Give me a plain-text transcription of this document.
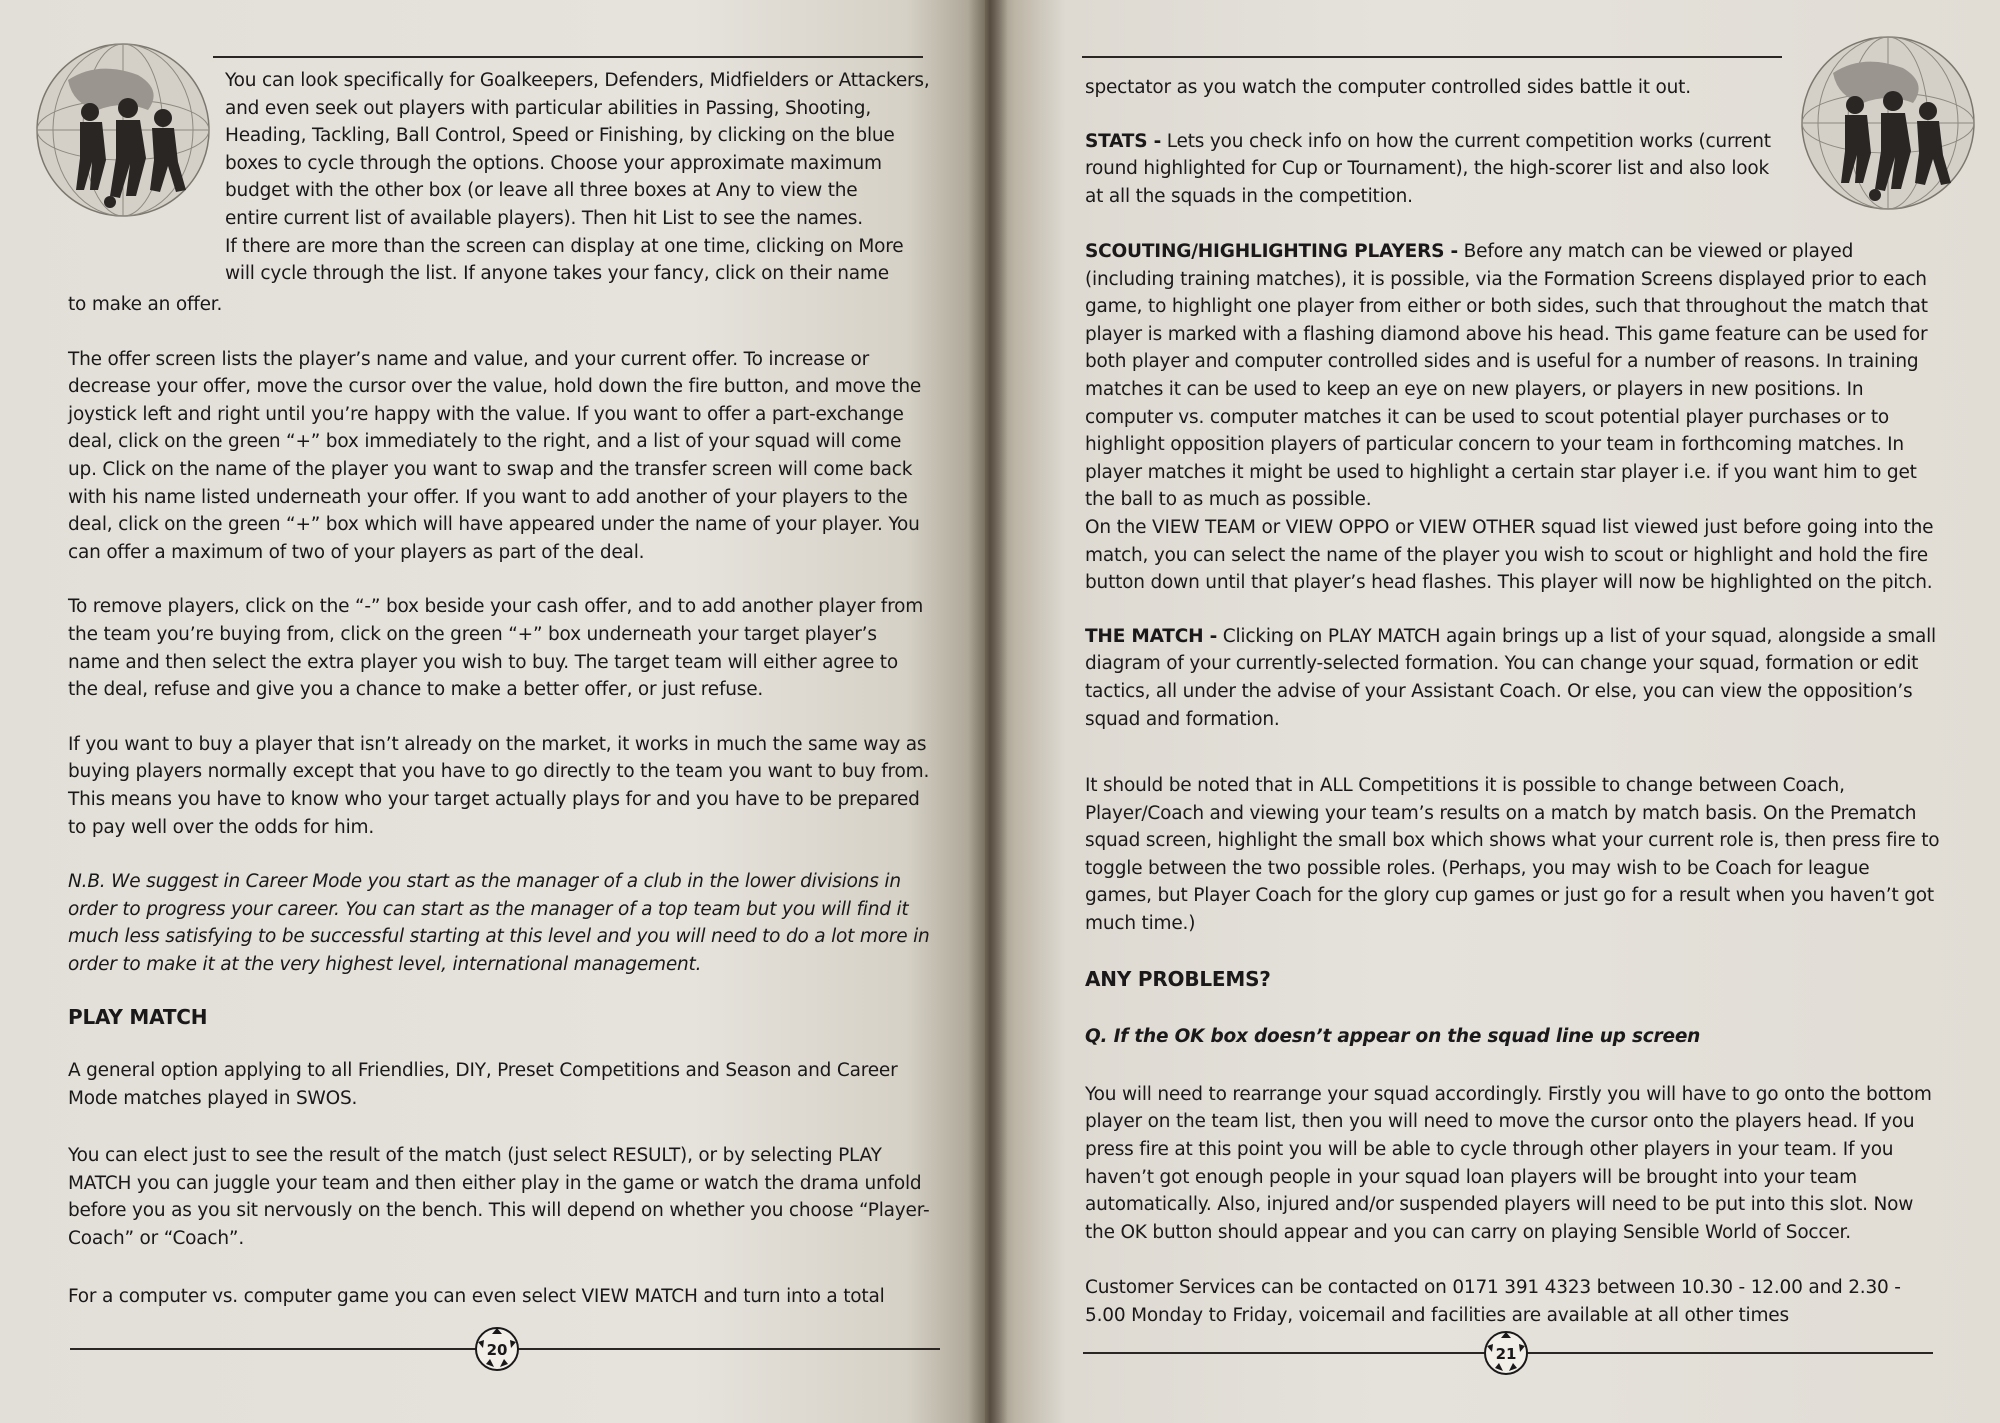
You can look specifically for Goalkeepers, Defenders, Midfielders or Attackers,

and even seek out players with particular abilities in Passing, Shooting,

Heading, Tackling, Ball Control, Speed or Finishing, by clicking on the blue

boxes to cycle through the options. Choose your approximate maximum

budget with the other box (or leave all three boxes at Any to view the

entire current list of available players). Then hit List to see the names.

If there are more than the screen can display at one time, clicking on More

will cycle through the list. If anyone takes your fancy, click on their name

to make an offer.

The offer screen lists the player’s name and value, and your current offer. To increase or decrease your offer, move the cursor over the value, hold down the fire button, and move the joystick left and right until you’re happy with the value. If you want to offer a part-exchange deal, click on the green “+” box immediately to the right, and a list of your squad will come up. Click on the name of the player you want to swap and the transfer screen will come back with his name listed underneath your offer. If you want to add another of your players to the deal, click on the green “+” box which will have appeared under the name of your player. You can offer a maximum of two of your players as part of the deal.

To remove players, click on the “-” box beside your cash offer, and to add another player from the team you’re buying from, click on the green “+” box underneath your target player’s name and then select the extra player you wish to buy. The target team will either agree to the deal, refuse and give you a chance to make a better offer, or just refuse.

If you want to buy a player that isn’t already on the market, it works in much the same way as buying players normally except that you have to go directly to the team you want to buy from. This means you have to know who your target actually plays for and you have to be prepared to pay well over the odds for him.

N.B. We suggest in Career Mode you start as the manager of a club in the lower divisions in order to progress your career. You can start as the manager of a top team but you will find it much less satisfying to be successful starting at this level and you will need to do a lot more in order to make it at the very highest level, international management.

PLAY MATCH

A general option applying to all Friendlies, DIY, Preset Competitions and Season and Career Mode matches played in SWOS.

You can elect just to see the result of the match (just select RESULT), or by selecting PLAY MATCH you can juggle your team and then either play in the game or watch the drama unfold before you as you sit nervously on the bench. This will depend on whether you choose “Player-Coach” or “Coach”.

For a computer vs. computer game you can even select VIEW MATCH and turn into a total

20

spectator as you watch the computer controlled sides battle it out.

STATS - Lets you check info on how the current competition works (current round highlighted for Cup or Tournament), the high-scorer list and also look at all the squads in the competition.

SCOUTING/HIGHLIGHTING PLAYERS - Before any match can be viewed or played (including training matches), it is possible, via the Formation Screens displayed prior to each game, to highlight one player from either or both sides, such that throughout the match that player is marked with a flashing diamond above his head. This game feature can be used for both player and computer controlled sides and is useful for a number of reasons. In training matches it can be used to keep an eye on new players, or players in new positions. In computer vs. computer matches it can be used to scout potential player purchases or to highlight opposition players of particular concern to your team in forthcoming matches. In player matches it might be used to highlight a certain star player i.e. if you want him to get the ball to as much as possible.

On the VIEW TEAM or VIEW OPPO or VIEW OTHER squad list viewed just before going into the match, you can select the name of the player you wish to scout or highlight and hold the fire button down until that player’s head flashes. This player will now be highlighted on the pitch.

THE MATCH - Clicking on PLAY MATCH again brings up a list of your squad, alongside a small diagram of your currently-selected formation. You can change your squad, formation or edit tactics, all under the advise of your Assistant Coach. Or else, you can view the opposition’s squad and formation.

It should be noted that in ALL Competitions it is possible to change between Coach, Player/Coach and viewing your team’s results on a match by match basis. On the Prematch squad screen, highlight the small box which shows what your current role is, then press fire to toggle between the two possible roles. (Perhaps, you may wish to be Coach for league games, but Player Coach for the glory cup games or just go for a result when you haven’t got much time.)

ANY PROBLEMS?

Q. If the OK box doesn’t appear on the squad line up screen

You will need to rearrange your squad accordingly. Firstly you will have to go onto the bottom player on the team list, then you will need to move the cursor onto the players head. If you press fire at this point you will be able to cycle through other players in your team. If you haven’t got enough people in your squad loan players will be brought into your team automatically. Also, injured and/or suspended players will need to be put into this slot. Now the OK button should appear and you can carry on playing Sensible World of Soccer.

Customer Services can be contacted on 0171 391 4323 between 10.30 - 12.00 and 2.30 - 5.00 Monday to Friday, voicemail and facilities are available at all other times

21
